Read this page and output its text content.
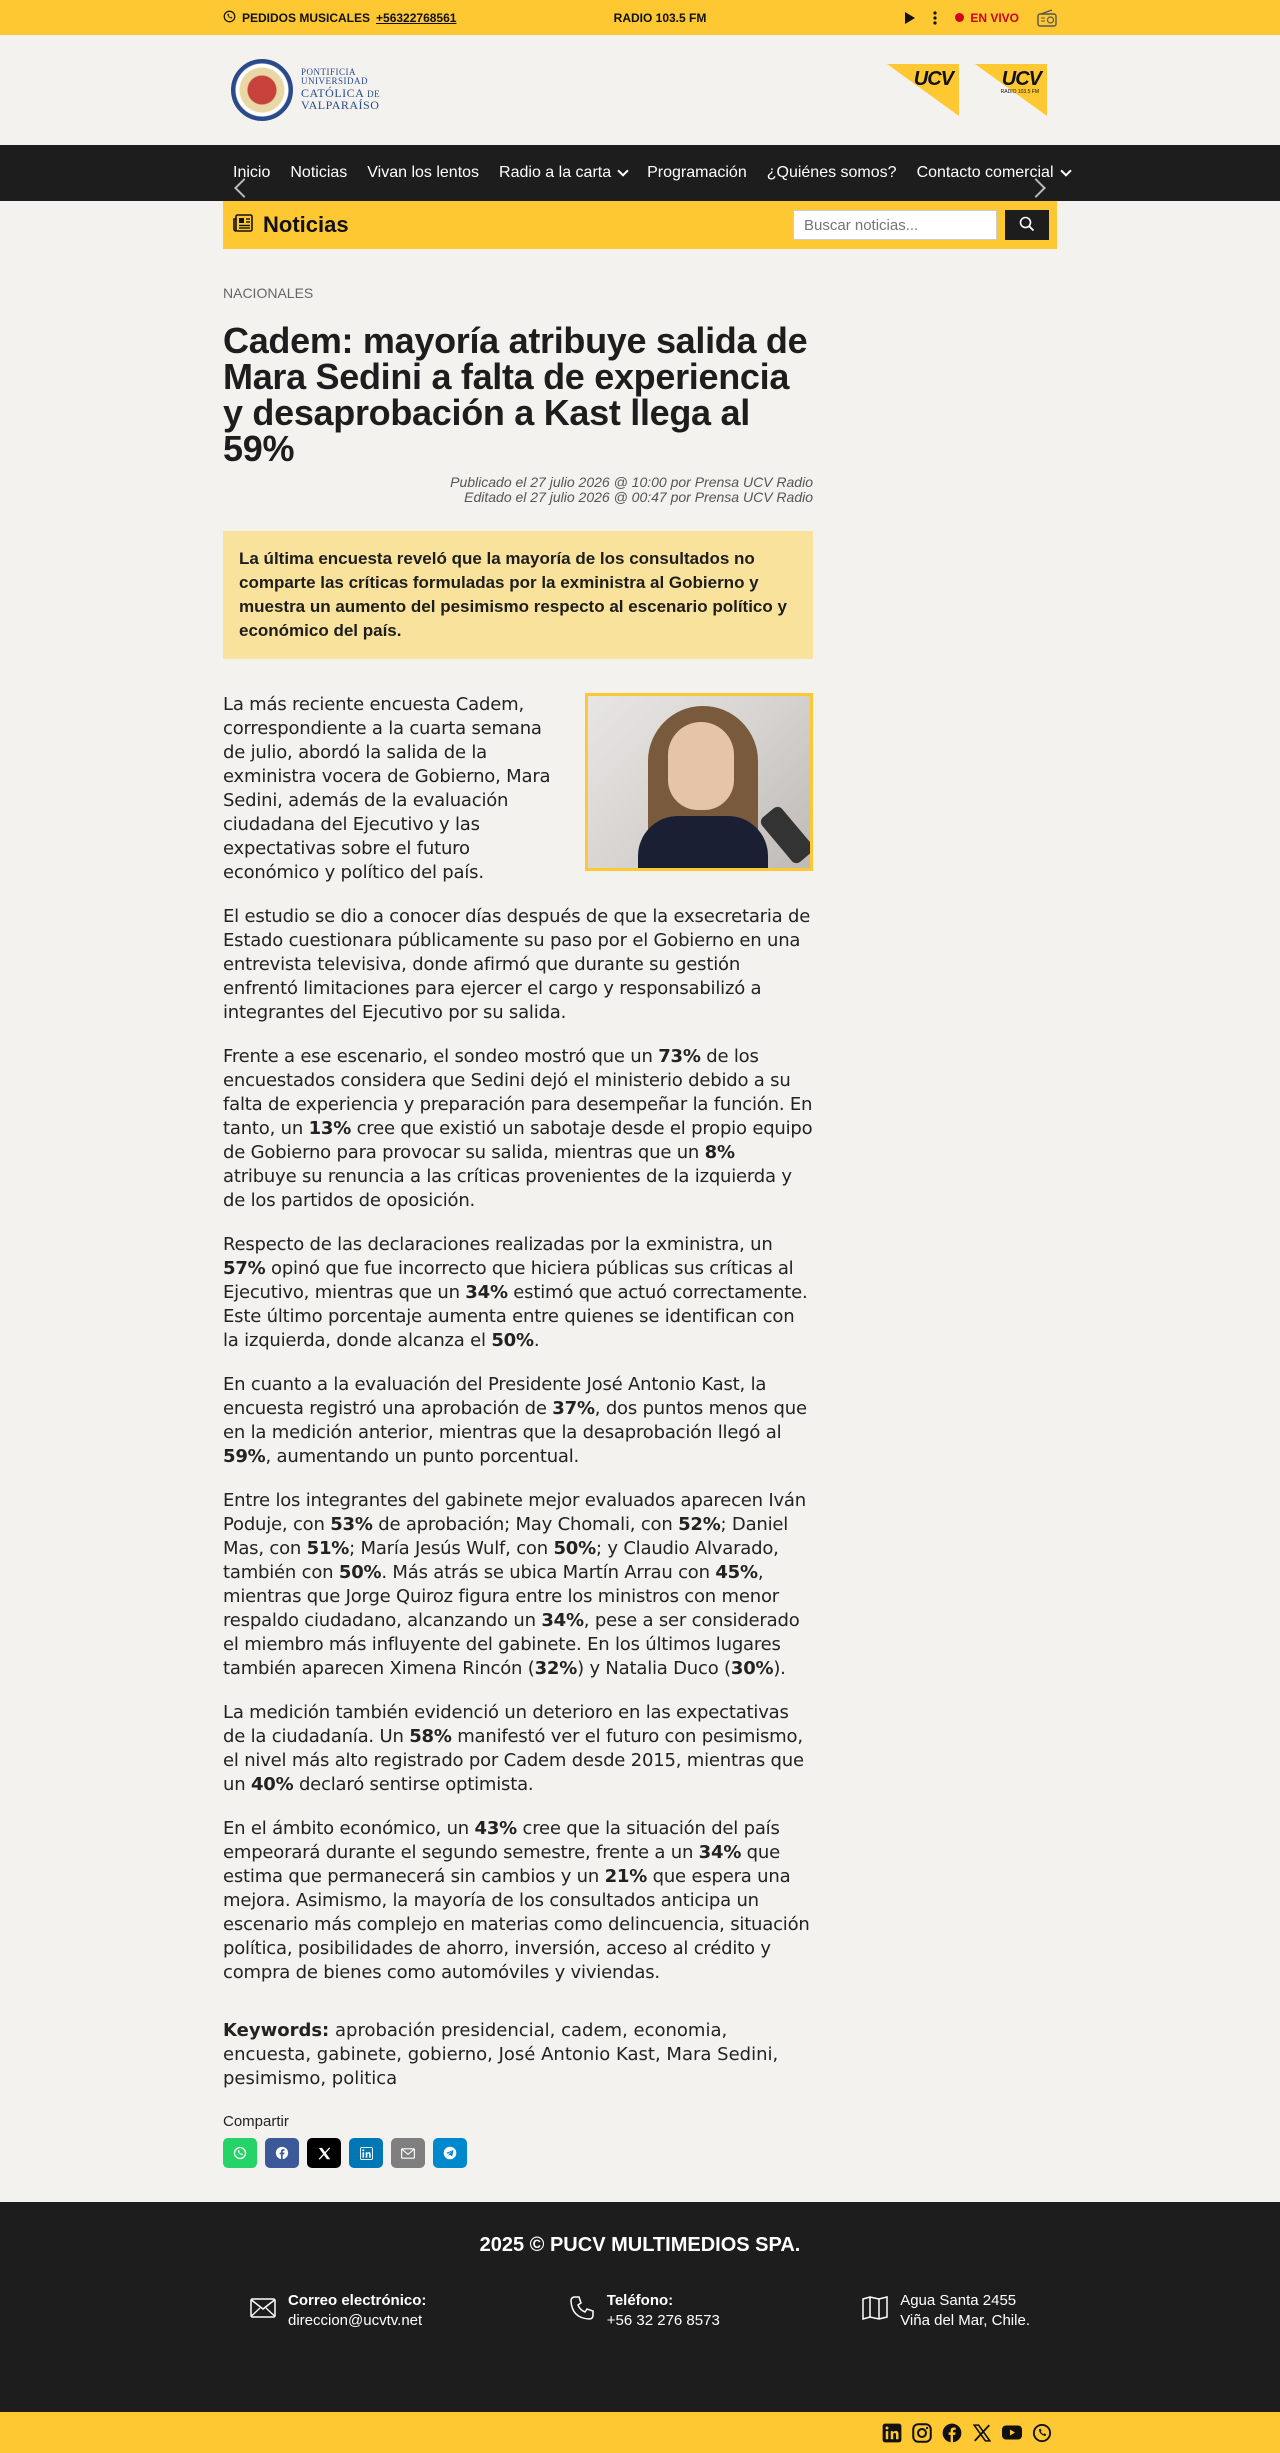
PEDIDOS MUSICALES +56322768561	RADIO 103.5 FM	EN VIVO
PONTIFICIA
UNIVERSIDAD
CATÓLICA DE
VALPARAÍSO
UCV UCV
RADIO 103.5 FM
Inicio Noticias Vivan los lentos Radio a la carta Programación ¿Quiénes somos? Contacto comercial
Noticias
Buscar noticias...
NACIONALES
Cadem: mayoría atribuye salida de Mara Sedini a falta de experiencia y desaprobación a Kast llega al 59%
Publicado el 27 julio 2026 @ 10:00 por Prensa UCV Radio
Editado el 27 julio 2026 @ 00:47 por Prensa UCV Radio
La última encuesta reveló que la mayoría de los consultados no comparte las críticas formuladas por la exministra al Gobierno y muestra un aumento del pesimismo respecto al escenario político y económico del país.

La más reciente encuesta Cadem, correspondiente a la cuarta semana de julio, abordó la salida de la exministra vocera de Gobierno, Mara Sedini, además de la evaluación ciudadana del Ejecutivo y las expectativas sobre el futuro económico y político del país.

El estudio se dio a conocer días después de que la exsecretaria de Estado cuestionara públicamente su paso por el Gobierno en una entrevista televisiva, donde afirmó que durante su gestión enfrentó limitaciones para ejercer el cargo y responsabilizó a integrantes del Ejecutivo por su salida.

Frente a ese escenario, el sondeo mostró que un 73% de los encuestados considera que Sedini dejó el ministerio debido a su falta de experiencia y preparación para desempeñar la función. En tanto, un 13% cree que existió un sabotaje desde el propio equipo de Gobierno para provocar su salida, mientras que un 8% atribuye su renuncia a las críticas provenientes de la izquierda y de los partidos de oposición.

Respecto de las declaraciones realizadas por la exministra, un 57% opinó que fue incorrecto que hiciera públicas sus críticas al Ejecutivo, mientras que un 34% estimó que actuó correctamente. Este último porcentaje aumenta entre quienes se identifican con la izquierda, donde alcanza el 50%.

En cuanto a la evaluación del Presidente José Antonio Kast, la encuesta registró una aprobación de 37%, dos puntos menos que en la medición anterior, mientras que la desaprobación llegó al 59%, aumentando un punto porcentual.

Entre los integrantes del gabinete mejor evaluados aparecen Iván Poduje, con 53% de aprobación; May Chomali, con 52%; Daniel Mas, con 51%; María Jesús Wulf, con 50%; y Claudio Alvarado, también con 50%. Más atrás se ubica Martín Arrau con 45%, mientras que Jorge Quiroz figura entre los ministros con menor respaldo ciudadano, alcanzando un 34%, pese a ser considerado el miembro más influyente del gabinete. En los últimos lugares también aparecen Ximena Rincón (32%) y Natalia Duco (30%).

La medición también evidenció un deterioro en las expectativas de la ciudadanía. Un 58% manifestó ver el futuro con pesimismo, el nivel más alto registrado por Cadem desde 2015, mientras que un 40% declaró sentirse optimista.

En el ámbito económico, un 43% cree que la situación del país empeorará durante el segundo semestre, frente a un 34% que estima que permanecerá sin cambios y un 21% que espera una mejora. Asimismo, la mayoría de los consultados anticipa un escenario más complejo en materias como delincuencia, situación política, posibilidades de ahorro, inversión, acceso al crédito y compra de bienes como automóviles y viviendas.

Keywords: aprobación presidencial, cadem, economia, encuesta, gabinete, gobierno, José Antonio Kast, Mara Sedini, pesimismo, politica
Compartir
2025 © PUCV MULTIMEDIOS SPA.
Correo electrónico:
direccion@ucvtv.net
Teléfono:
+56 32 276 8573
Agua Santa 2455
Viña del Mar, Chile.
